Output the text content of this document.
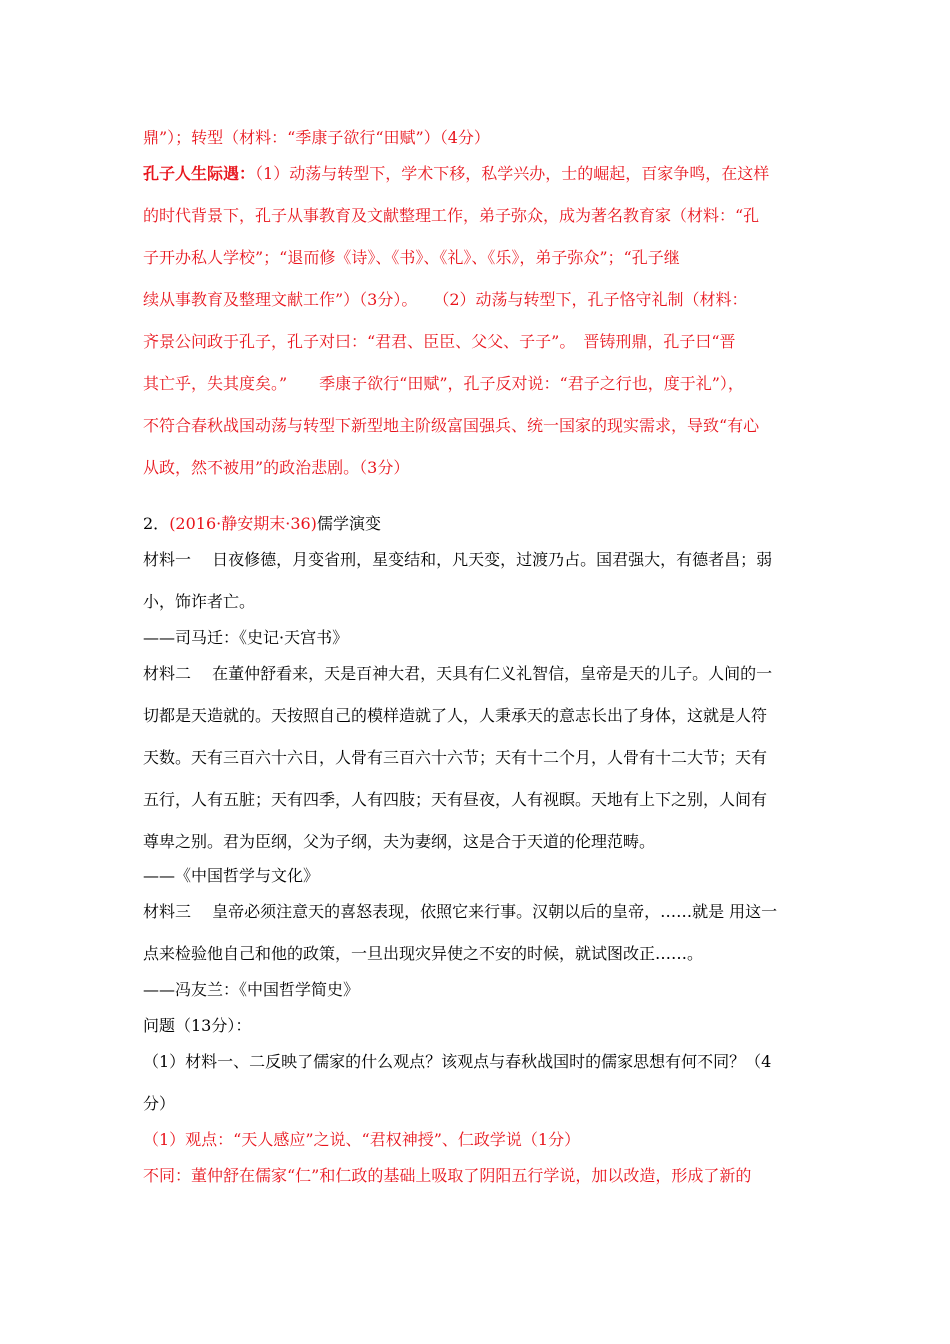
鼎”）；转型（材料：“季康子欲行“田赋”）（4分）

孔子人生际遇：（1）动荡与转型下，学术下移，私学兴办，士的崛起，百家争鸣，在这样

的时代背景下，孔子从事教育及文献整理工作，弟子弥众，成为著名教育家（材料：“孔

子开办私人学校”；“退而修《诗》、《书》、《礼》、《乐》，弟子弥众”；“孔子继

续从事教育及整理文献工作”）（3分）。　　（2）动荡与转型下，孔子恪守礼制（材料：

齐景公问政于孔子，孔子对曰：“君君、臣臣、父父、子子”。　晋铸刑鼎，孔子曰“晋

其亡乎，失其度矣。”　　季康子欲行“田赋”，孔子反对说：“君子之行也，度于礼”），

不符合春秋战国动荡与转型下新型地主阶级富国强兵、统一国家的现实需求，导致“有心

从政，然不被用”的政治悲剧。（3分）

2．(2016·静安期末·36)儒学演变

材料一　 日夜修德，月变省刑，星变结和，凡天变，过渡乃占。国君强大，有德者昌；弱

小，饰诈者亡。

——司马迁：《史记·天宫书》

材料二　 在董仲舒看来，天是百神大君，天具有仁义礼智信，皇帝是天的儿子。人间的一

切都是天造就的。天按照自己的模样造就了人，人秉承天的意志长出了身体，这就是人符

天数。天有三百六十六日，人骨有三百六十六节；天有十二个月，人骨有十二大节；天有

五行，人有五脏；天有四季，人有四肢；天有昼夜，人有视瞑。天地有上下之别，人间有

尊卑之别。君为臣纲，父为子纲，夫为妻纲，这是合于天道的伦理范畴。

——《中国哲学与文化》

材料三　 皇帝必须注意天的喜怒表现，依照它来行事。汉朝以后的皇帝，……就是 用这一

点来检验他自己和他的政策，一旦出现灾异使之不安的时候，就试图改正……。

——冯友兰：《中国哲学简史》

问题（13分）：

（1）材料一、二反映了儒家的什么观点？该观点与春秋战国时的儒家思想有何不同？（4

分）

（1）观点：“天人感应”之说、“君权神授”、仁政学说（1分）

不同：董仲舒在儒家“仁”和仁政的基础上吸取了阴阳五行学说，加以改造，形成了新的
